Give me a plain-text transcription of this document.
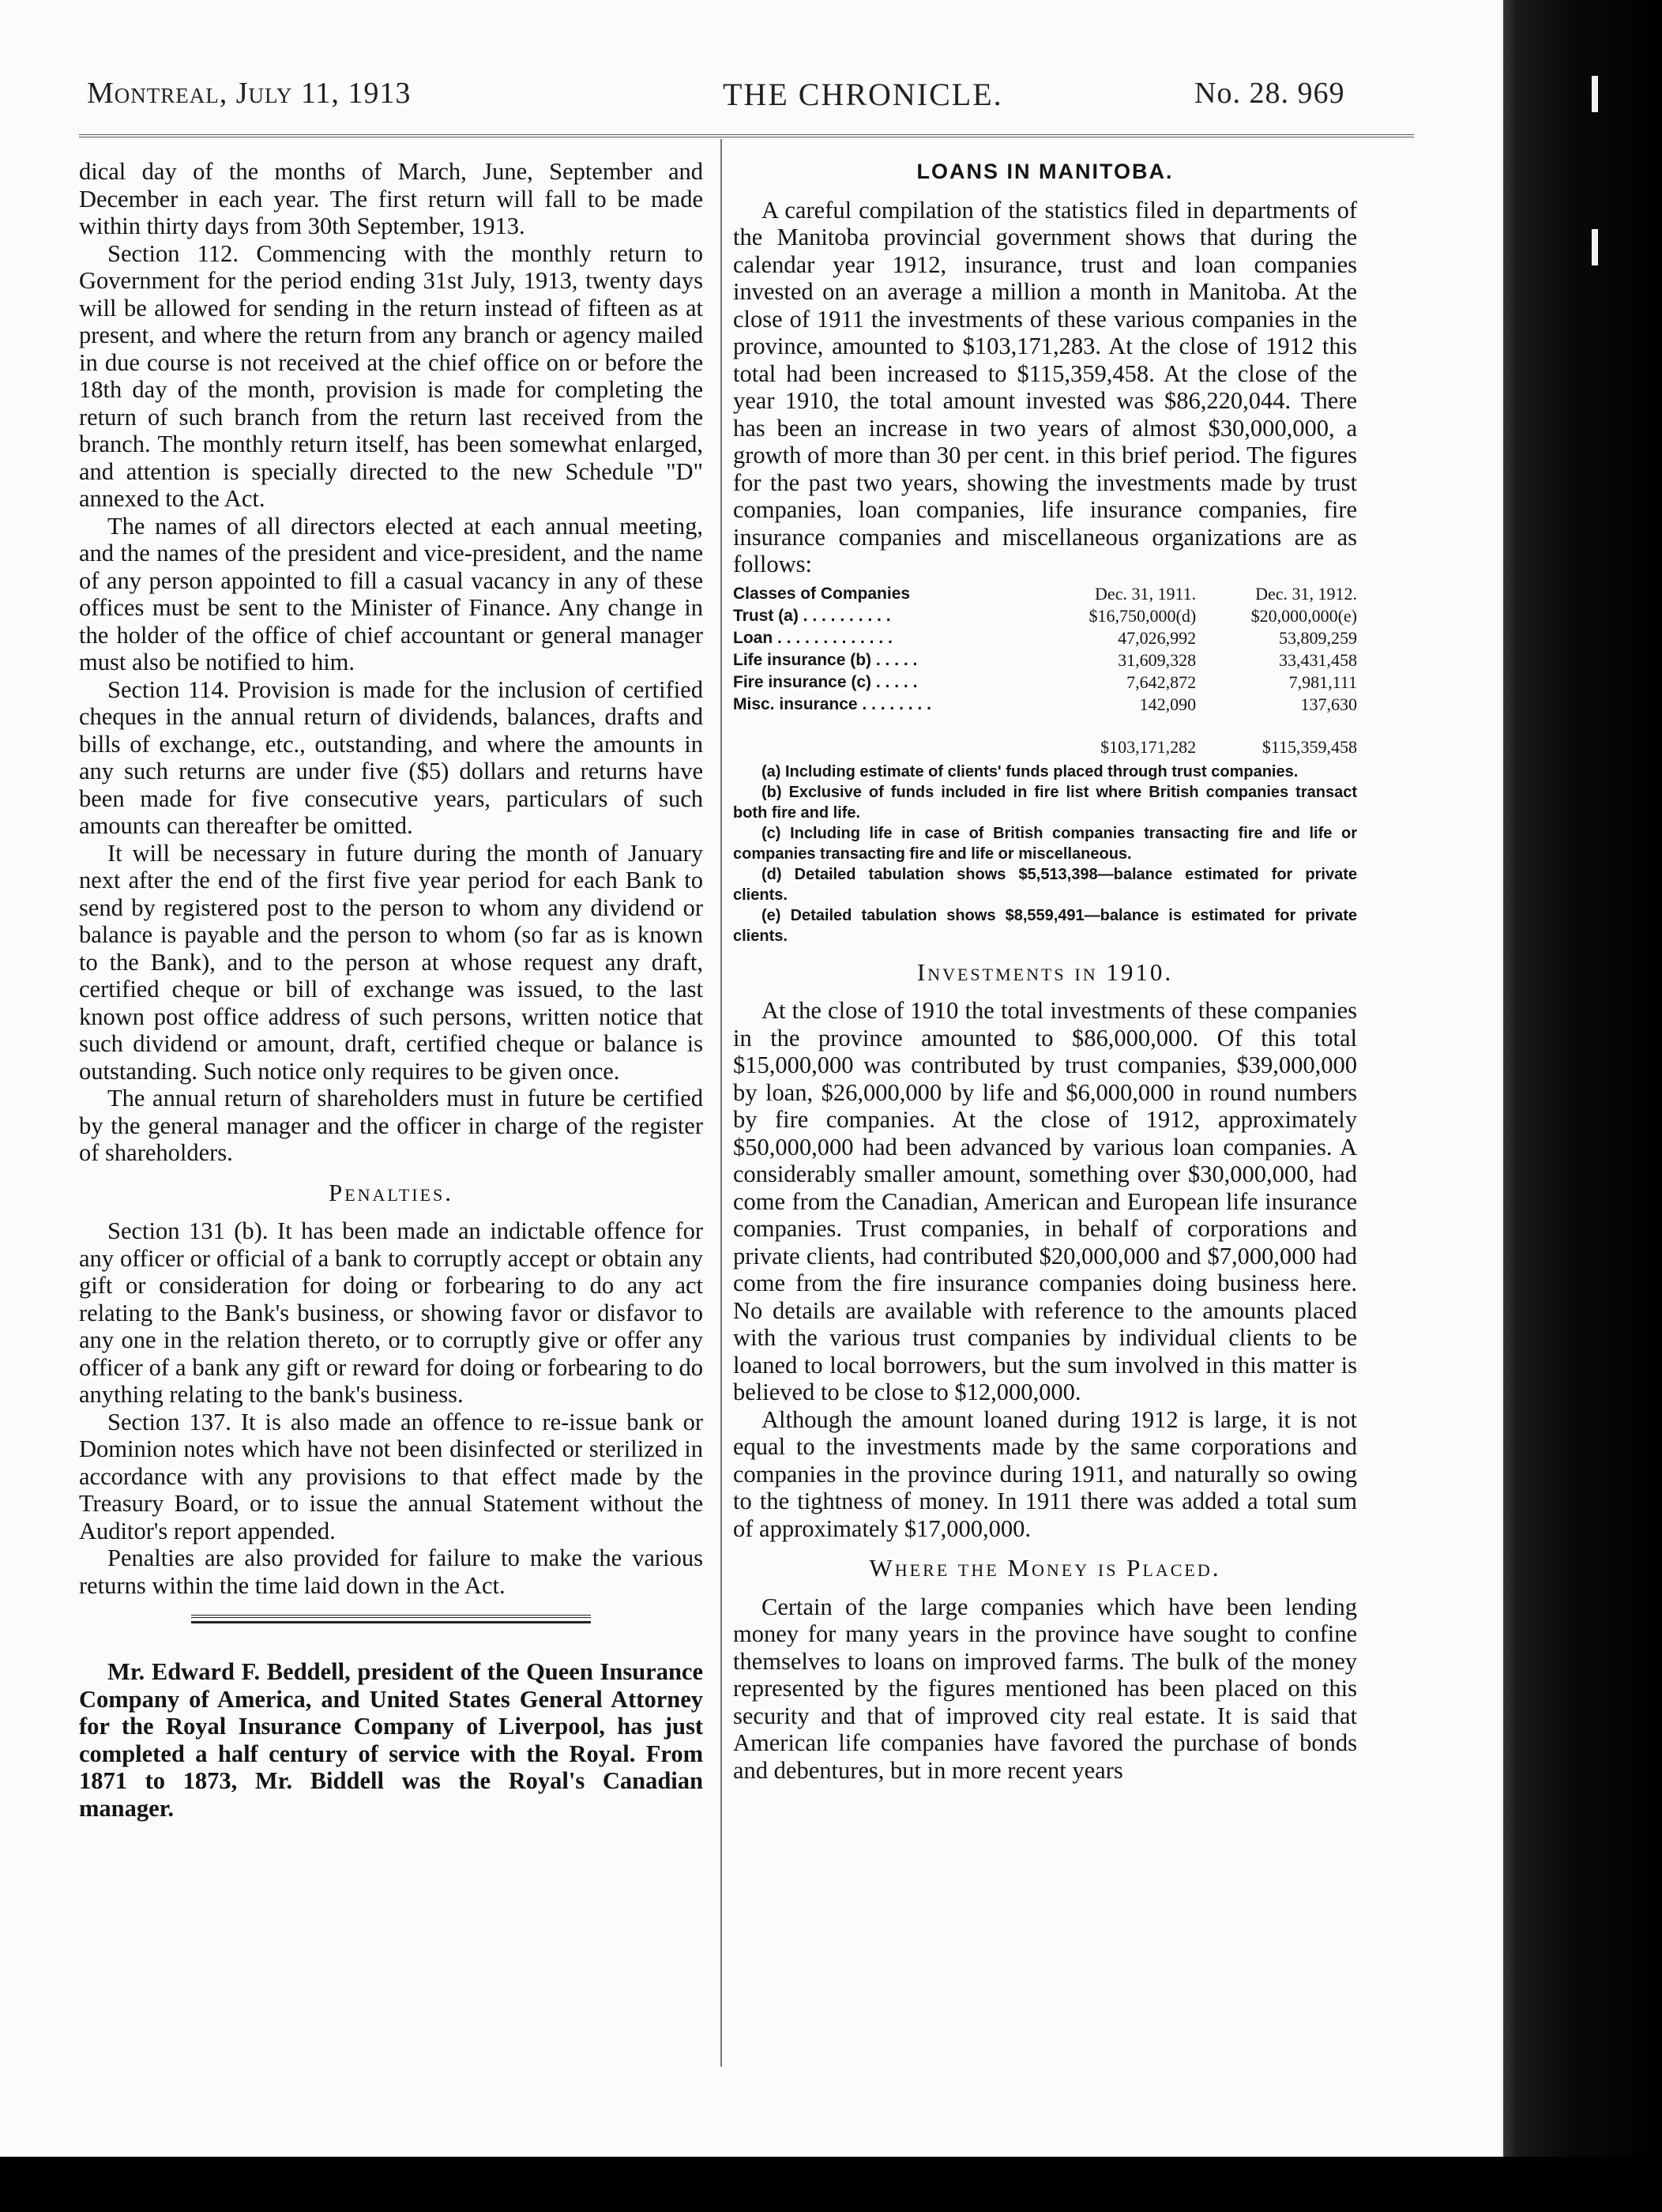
Montreal, July 11, 1913	THE CHRONICLE.	No. 28. 969

dical day of the months of March, June, September and December in each year. The first return will fall to be made within thirty days from 30th September, 1913.

Section 112. Commencing with the monthly return to Government for the period ending 31st July, 1913, twenty days will be allowed for sending in the return instead of fifteen as at present, and where the return from any branch or agency mailed in due course is not received at the chief office on or before the 18th day of the month, provision is made for completing the return of such branch from the return last received from the branch. The monthly return itself, has been somewhat enlarged, and attention is specially directed to the new Schedule "D" annexed to the Act.

The names of all directors elected at each annual meeting, and the names of the president and vice-president, and the name of any person appointed to fill a casual vacancy in any of these offices must be sent to the Minister of Finance. Any change in the holder of the office of chief accountant or general manager must also be notified to him.

Section 114. Provision is made for the inclusion of certified cheques in the annual return of dividends, balances, drafts and bills of exchange, etc., outstanding, and where the amounts in any such returns are under five ($5) dollars and returns have been made for five consecutive years, particulars of such amounts can thereafter be omitted.

It will be necessary in future during the month of January next after the end of the first five year period for each Bank to send by registered post to the person to whom any dividend or balance is payable and the person to whom (so far as is known to the Bank), and to the person at whose request any draft, certified cheque or bill of exchange was issued, to the last known post office address of such persons, written notice that such dividend or amount, draft, certified cheque or balance is outstanding. Such notice only requires to be given once.

The annual return of shareholders must in future be certified by the general manager and the officer in charge of the register of shareholders.

Penalties.

Section 131 (b). It has been made an indictable offence for any officer or official of a bank to corruptly accept or obtain any gift or consideration for doing or forbearing to do any act relating to the Bank's business, or showing favor or disfavor to any one in the relation thereto, or to corruptly give or offer any officer of a bank any gift or reward for doing or forbearing to do anything relating to the bank's business.

Section 137. It is also made an offence to re-issue bank or Dominion notes which have not been disinfected or sterilized in accordance with any provisions to that effect made by the Treasury Board, or to issue the annual Statement without the Auditor's report appended.

Penalties are also provided for failure to make the various returns within the time laid down in the Act.

Mr. Edward F. Beddell, president of the Queen Insurance Company of America, and United States General Attorney for the Royal Insurance Company of Liverpool, has just completed a half century of service with the Royal. From 1871 to 1873, Mr. Biddell was the Royal's Canadian manager.

LOANS IN MANITOBA.

A careful compilation of the statistics filed in departments of the Manitoba provincial government shows that during the calendar year 1912, insurance, trust and loan companies invested on an average a million a month in Manitoba. At the close of 1911 the investments of these various companies in the province, amounted to $103,171,283. At the close of 1912 this total had been increased to $115,359,458. At the close of the year 1910, the total amount invested was $86,220,044. There has been an increase in two years of almost $30,000,000, a growth of more than 30 per cent. in this brief period. The figures for the past two years, showing the investments made by trust companies, loan companies, life insurance companies, fire insurance companies and miscellaneous organizations are as follows:

Classes of Companies	Dec. 31, 1911.	Dec. 31, 1912.
Trust (a) . . . . . . . . . .	$16,750,000(d)	$20,000,000(e)
Loan . . . . . . . . . . . . .	47,026,992	53,809,259
Life insurance (b) . . . . .	31,609,328	33,431,458
Fire insurance (c) . . . . .	7,642,872	7,981,111
Misc. insurance . . . . . . . .	142,090	137,630
	$103,171,282	$115,359,458

(a) Including estimate of clients' funds placed through trust companies.

(b) Exclusive of funds included in fire list where British companies transact both fire and life.

(c) Including life in case of British companies transacting fire and life or companies transacting fire and life or miscellaneous.

(d) Detailed tabulation shows $5,513,398—balance estimated for private clients.

(e) Detailed tabulation shows $8,559,491—balance is estimated for private clients.

Investments in 1910.

At the close of 1910 the total investments of these companies in the province amounted to $86,000,000. Of this total $15,000,000 was contributed by trust companies, $39,000,000 by loan, $26,000,000 by life and $6,000,000 in round numbers by fire companies. At the close of 1912, approximately $50,000,000 had been advanced by various loan companies. A considerably smaller amount, something over $30,000,000, had come from the Canadian, American and European life insurance companies. Trust companies, in behalf of corporations and private clients, had contributed $20,000,000 and $7,000,000 had come from the fire insurance companies doing business here. No details are available with reference to the amounts placed with the various trust companies by individual clients to be loaned to local borrowers, but the sum involved in this matter is believed to be close to $12,000,000.

Although the amount loaned during 1912 is large, it is not equal to the investments made by the same corporations and companies in the province during 1911, and naturally so owing to the tightness of money. In 1911 there was added a total sum of approximately $17,000,000.

Where the Money is Placed.

Certain of the large companies which have been lending money for many years in the province have sought to confine themselves to loans on improved farms. The bulk of the money represented by the figures mentioned has been placed on this security and that of improved city real estate. It is said that American life companies have favored the purchase of bonds and debentures, but in more recent years
